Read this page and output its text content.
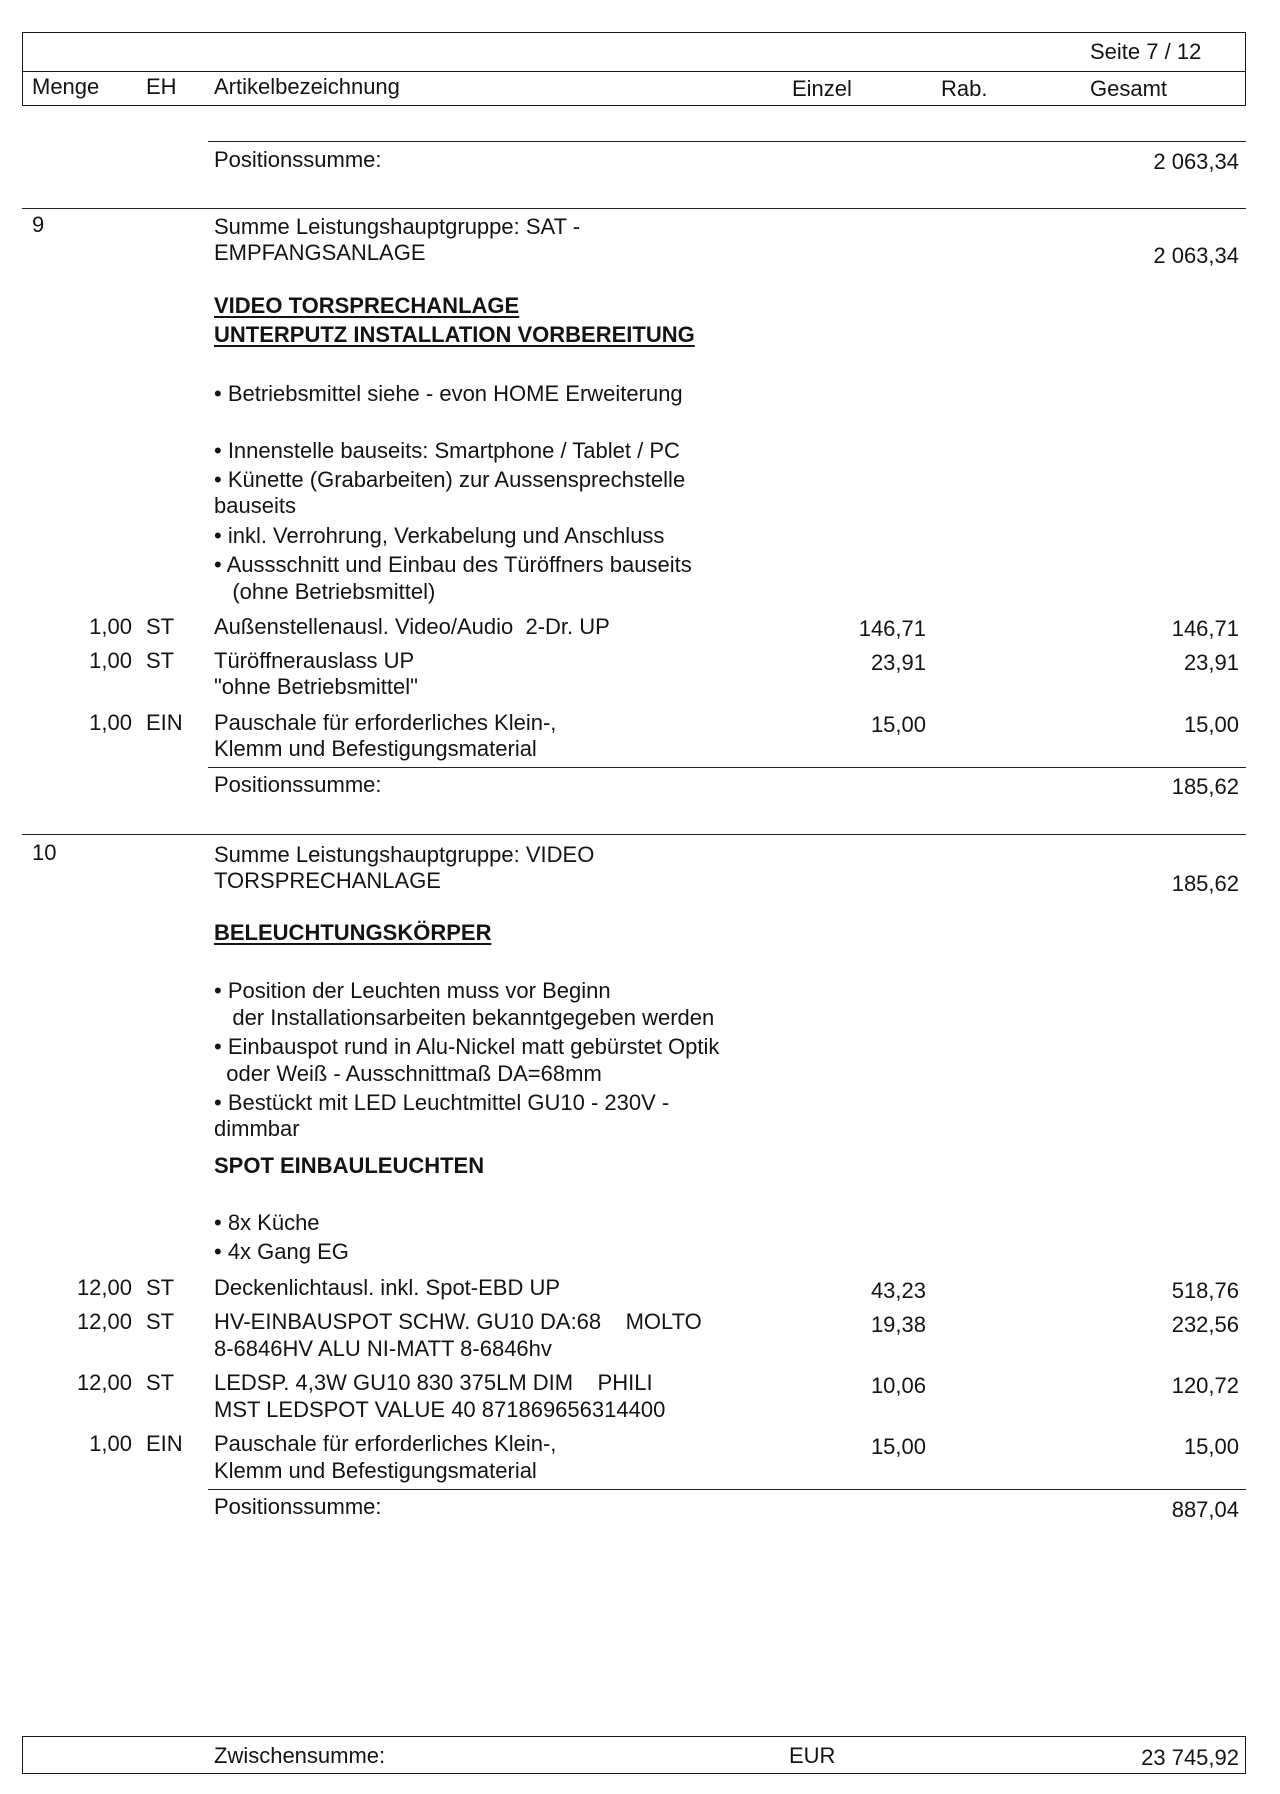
Seite 7 / 12
Menge EH Artikelbezeichnung	Einzel	Rab.	Gesamt
Positionssumme:	2 063,34
9	Summe Leistungshauptgruppe: SAT -
EMPFANGSANLAGE	2 063,34
VIDEO TORSPRECHANLAGE
UNTERPUTZ INSTALLATION VORBEREITUNG
• Betriebsmittel siehe - evon HOME Erweiterung
• Innenstelle bauseits: Smartphone / Tablet / PC
• Künette (Grabarbeiten) zur Aussensprechstelle
bauseits
• inkl. Verrohrung, Verkabelung und Anschluss
• Aussschnitt und Einbau des Türöffners bauseits
(ohne Betriebsmittel)
1,00 ST Außenstellenausl. Video/Audio  2-Dr. UP	146,71	146,71
1,00 ST Türöffnerauslass UP
"ohne Betriebsmittel"
23,91	23,91
1,00 EIN Pauschale für erforderliches Klein-,
Klemm und Befestigungsmaterial
15,00	15,00
Positionssumme:	185,62
10	Summe Leistungshauptgruppe: VIDEO
TORSPRECHANLAGE	185,62
BELEUCHTUNGSKÖRPER
• Position der Leuchten muss vor Beginn
der Installationsarbeiten bekanntgegeben werden
• Einbauspot rund in Alu-Nickel matt gebürstet Optik
oder Weiß - Ausschnittmaß DA=68mm
• Bestückt mit LED Leuchtmittel GU10 - 230V -
dimmbar
SPOT EINBAULEUCHTEN
• 8x Küche
• 4x Gang EG
12,00 ST Deckenlichtausl. inkl. Spot-EBD UP	43,23	518,76
12,00 ST HV-EINBAUSPOT SCHW. GU10 DA:68    MOLTO
8-6846HV ALU NI-MATT 8-6846hv
19,38	232,56
12,00 ST LEDSP. 4,3W GU10 830 375LM DIM    PHILI
MST LEDSPOT VALUE 40 871869656314400
10,06	120,72
1,00 EIN Pauschale für erforderliches Klein-,
Klemm und Befestigungsmaterial
15,00	15,00
Positionssumme:	887,04
Zwischensumme:	EUR	23 745,92
